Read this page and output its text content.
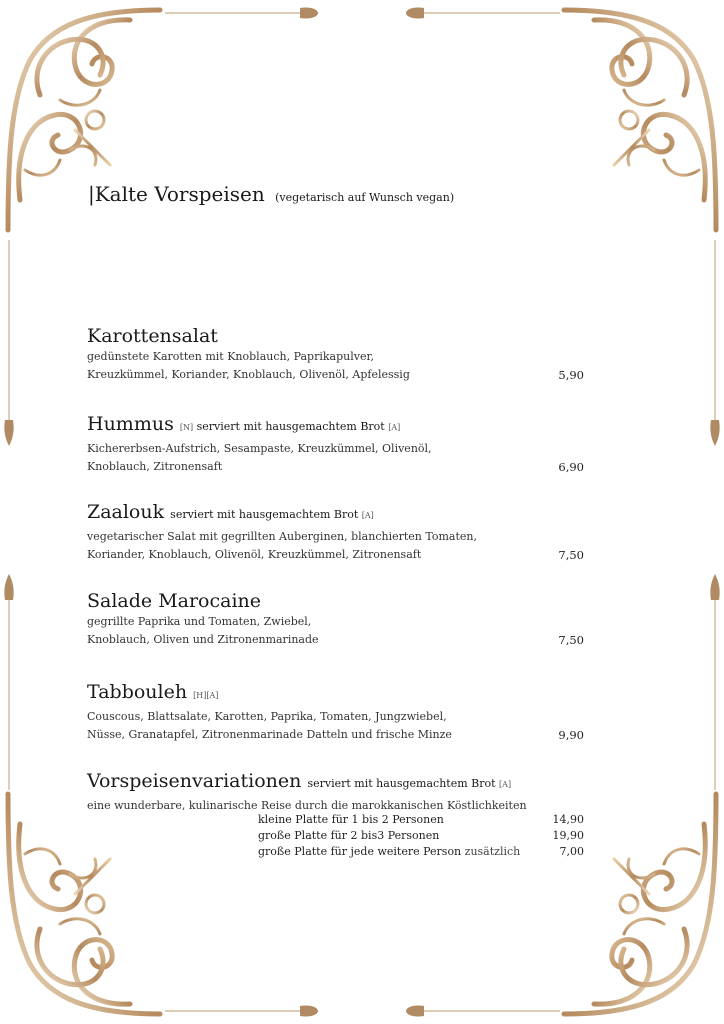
|Kalte Vorspeisen (vegetarisch auf Wunsch vegan)
Karottensalat
gedünstete Karotten mit Knoblauch, Paprikapulver,
Kreuzkümmel, Koriander, Knoblauch, Olivenöl, Apfelessig	5,90
Hummus [N] serviert mit hausgemachtem Brot [A]
Kichererbsen-Aufstrich, Sesampaste, Kreuzkümmel, Olivenöl,
Knoblauch, Zitronensaft	6,90
Zaalouk serviert mit hausgemachtem Brot [A]
vegetarischer Salat mit gegrillten Auberginen, blanchierten Tomaten,
Koriander, Knoblauch, Olivenöl, Kreuzkümmel, Zitronensaft	7,50
Salade Marocaine
gegrillte Paprika und Tomaten, Zwiebel,
Knoblauch, Oliven und Zitronenmarinade	7,50
Tabbouleh [H][A]
Couscous, Blattsalate, Karotten, Paprika, Tomaten, Jungzwiebel,
Nüsse, Granatapfel, Zitronenmarinade Datteln und frische Minze	9,90
Vorspeisenvariationen serviert mit hausgemachtem Brot [A]
eine wunderbare, kulinarische Reise durch die marokkanischen Köstlichkeiten
kleine Platte für 1 bis 2 Personen	14,90
große Platte für 2 bis3 Personen	19,90
große Platte für jede weitere Person zusätzlich	7,00
